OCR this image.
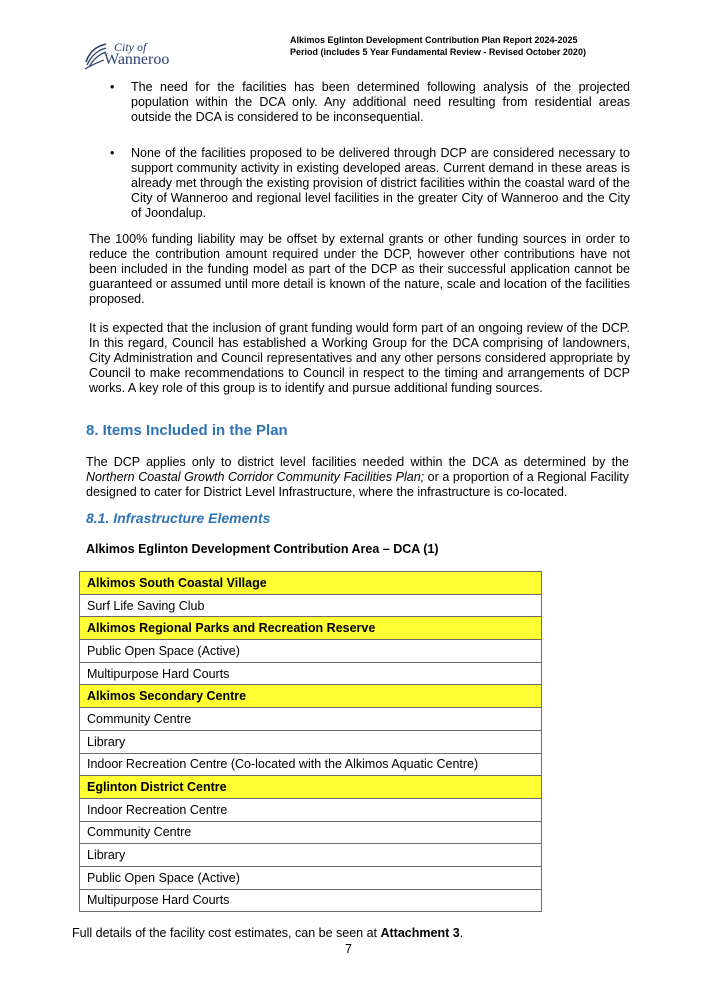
City of
Wanneroo
Alkimos Eglinton Development Contribution Plan Report 2024-2025
Period (includes 5 Year Fundamental Review - Revised October 2020)
• The need for the facilities has been determined following analysis of the projected population within the DCA only. Any additional need resulting from residential areas outside the DCA is considered to be inconsequential.
• None of the facilities proposed to be delivered through DCP are considered necessary to support community activity in existing developed areas. Current demand in these areas is already met through the existing provision of district facilities within the coastal ward of the City of Wanneroo and regional level facilities in the greater City of Wanneroo and the City of Joondalup.

The 100% funding liability may be offset by external grants or other funding sources in order to reduce the contribution amount required under the DCP, however other contributions have not been included in the funding model as part of the DCP as their successful application cannot be guaranteed or assumed until more detail is known of the nature, scale and location of the facilities proposed.

It is expected that the inclusion of grant funding would form part of an ongoing review of the DCP. In this regard, Council has established a Working Group for the DCA comprising of landowners, City Administration and Council representatives and any other persons considered appropriate by Council to make recommendations to Council in respect to the timing and arrangements of DCP works. A key role of this group is to identify and pursue additional funding sources.

8. Items Included in the Plan

The DCP applies only to district level facilities needed within the DCA as determined by the Northern Coastal Growth Corridor Community Facilities Plan; or a proportion of a Regional Facility designed to cater for District Level Infrastructure, where the infrastructure is co-located.

8.1. Infrastructure Elements

Alkimos Eglinton Development Contribution Area – DCA (1)

Alkimos South Coastal Village
Surf Life Saving Club
Alkimos Regional Parks and Recreation Reserve
Public Open Space (Active)
Multipurpose Hard Courts
Alkimos Secondary Centre
Community Centre
Library
Indoor Recreation Centre (Co-located with the Alkimos Aquatic Centre)
Eglinton District Centre
Indoor Recreation Centre
Community Centre
Library
Public Open Space (Active)
Multipurpose Hard Courts

Full details of the facility cost estimates, can be seen at Attachment 3.

7
